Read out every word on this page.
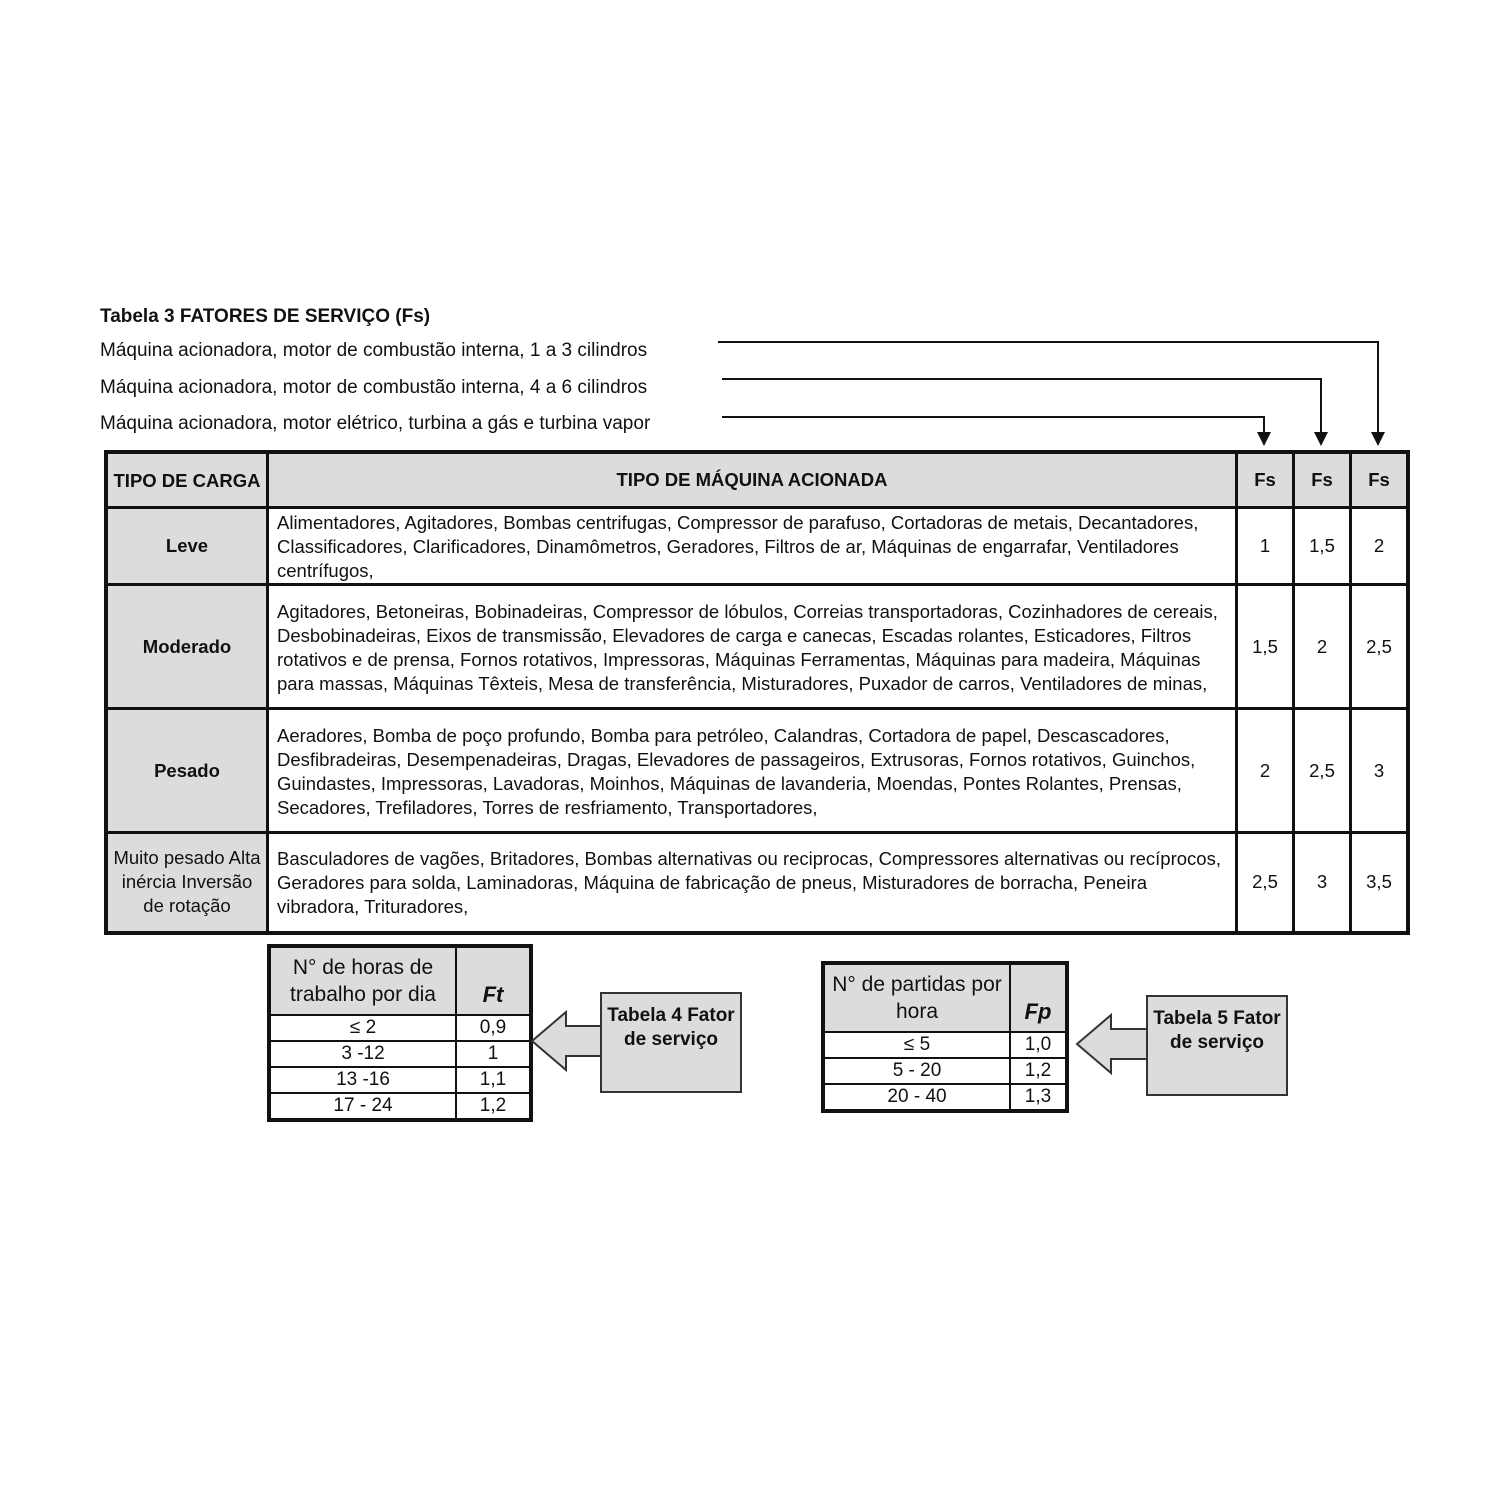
Tabela 3 FATORES DE SERVIÇO (Fs)
Máquina acionadora, motor de combustão interna, 1 a 3 cilindros
Máquina acionadora, motor de combustão interna, 4 a 6 cilindros
Máquina acionadora, motor elétrico, turbina a gás e turbina vapor
TIPO DE CARGA	TIPO DE MÁQUINA ACIONADA	Fs	Fs	Fs
Leve	Alimentadores, Agitadores, Bombas centrifugas, Compressor de parafuso, Cortadoras de metais, Decantadores, Classificadores, Clarificadores, Dinamômetros, Geradores, Filtros de ar, Máquinas de engarrafar, Ventiladores centrífugos,	1	1,5	2
Moderado	Agitadores, Betoneiras, Bobinadeiras, Compressor de lóbulos, Correias transportadoras, Cozinhadores de cereais, Desbobinadeiras, Eixos de transmissão, Elevadores de carga e canecas, Escadas rolantes, Esticadores, Filtros rotativos e de prensa, Fornos rotativos, Impressoras, Máquinas Ferramentas, Máquinas para madeira, Máquinas para massas, Máquinas Têxteis, Mesa de transferência, Misturadores, Puxador de carros, Ventiladores de minas,	1,5	2	2,5
Pesado	Aeradores, Bomba de poço profundo, Bomba para petróleo, Calandras, Cortadora de papel, Descascadores, Desfibradeiras, Desempenadeiras, Dragas, Elevadores de passageiros, Extrusoras, Fornos rotativos, Guinchos, Guindastes, Impressoras, Lavadoras, Moinhos, Máquinas de lavanderia, Moendas, Pontes Rolantes, Prensas, Secadores, Trefiladores, Torres de resfriamento, Transportadores,	2	2,5	3
Muito pesado Alta inércia Inversão de rotação	Basculadores de vagões, Britadores, Bombas alternativas ou reciprocas, Compressores alternativas ou recíprocos, Geradores para solda, Laminadoras, Máquina de fabricação de pneus, Misturadores de borracha, Peneira vibradora, Trituradores,	2,5	3	3,5
N° de horas de trabalho por dia	Ft
≤ 2	0,9
3 -12	1
13 -16	1,1
17 - 24	1,2
N° de partidas por hora	Fp
≤ 5	1,0
5 - 20	1,2
20 - 40	1,3
Tabela 4 Fator de serviço
Tabela 5 Fator de serviço
